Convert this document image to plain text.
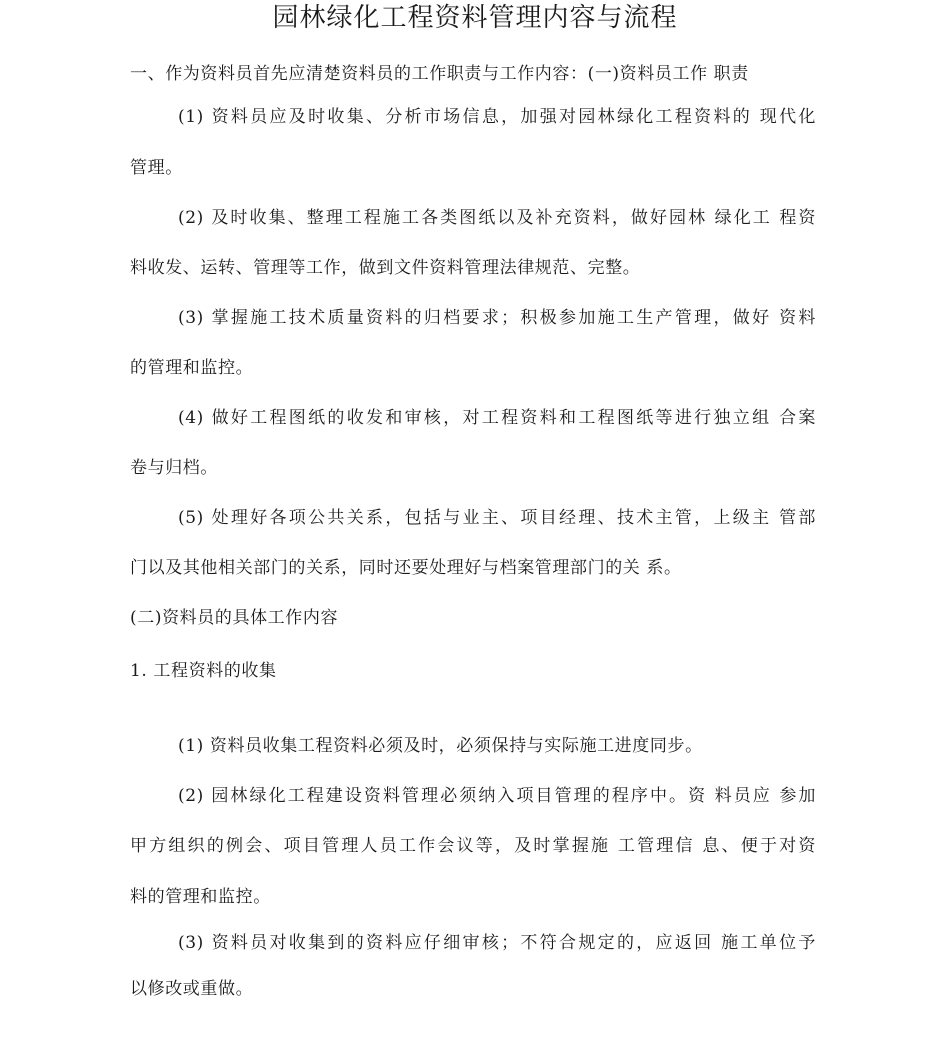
园林绿化工程资料管理内容与流程
一、作为资料员首先应清楚资料员的工作职责与工作内容：(一)资料员工作 职责
(1) 资料员应及时收集、分析市场信息，加强对园林绿化工程资料的 现代化
管理。
(2) 及时收集、整理工程施工各类图纸以及补充资料，做好园林 绿化工 程资
料收发、运转、管理等工作，做到文件资料管理法律规范、完整。
(3) 掌握施工技术质量资料的归档要求；积极参加施工生产管理，做好 资料
的管理和监控。
(4) 做好工程图纸的收发和审核，对工程资料和工程图纸等进行独立组 合案
卷与归档。
(5) 处理好各项公共关系，包括与业主、项目经理、技术主管，上级主 管部
门以及其他相关部门的关系，同时还要处理好与档案管理部门的关 系。
(二)资料员的具体工作内容
1. 工程资料的收集
(1) 资料员收集工程资料必须及时，必须保持与实际施工进度同步。
(2) 园林绿化工程建设资料管理必须纳入项目管理的程序中。资 料员应 参加
甲方组织的例会、项目管理人员工作会议等，及时掌握施 工管理信 息、便于对资
料的管理和监控。
(3) 资料员对收集到的资料应仔细审核；不符合规定的，应返回 施工单位予
以修改或重做。
